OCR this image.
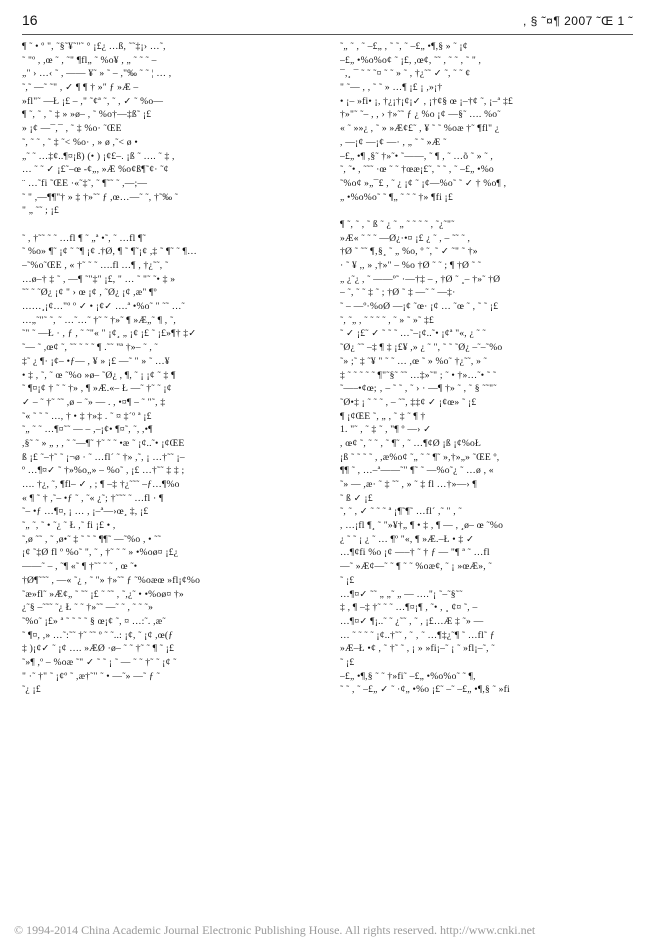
16	, § ˜¤¶ 2007 ˜Œ 1 ˜
¶ ˜ • º ", ˜§˜¥˜"˜ ° ¡£¿ …ß, ˜˜‡¡› …˜,
˜ "º , ,œ ˜ , ˜" ¶fl„ ˜ %o¥ , „ ˜ ˜ ˜ –
„" › …‹ ˜ , —— ¥˜ » ˜ – ,"‰ ˜ ˜ ¦ … ,
˜,˜ —˜ ˜" , ✓ ¶ ¶ † »" ƒ »Æ –
»fl"˜ —Ł ¡£ – ," ˜¢ª ˜, ˜ , ✓ ˜ %o—
¶ ˜, ˜ , ˜ ‡ » »ø– , ˜ %o†—‡ß˜ ¡£
» ¡¢ —¯,¯ , ˜ ‡ %o· ˜ŒE
˜, ˜ ˜ , ˜ ‡ ˜< %o· , » ø ,˜< ø •
„˜ ˜ …‡¢..¶¤¡ß) (• ) ¡¢£–. ¡ß ˜ …. ˜ ‡ ,
… ˜ ˜ ✓ ¡£˜–œ -¢„, »Æ %o¢ß¶˜¢· ˜¢
¨ …˜fi ˜ŒE ·«˜‡˜, ˜ ¶˜˜ ˜ ,—;—
˜ " ,—¶¶"† » ‡ †»˜˜ ƒ ,œ…—˜ ˜, †˜‰ ˜
" „ ˜˜ ; ¡£
˜ , †˜˜ ˜ ˜ …fl ¶ ˜ „ª •˜, ˜ …fl ¶˜
˜ %o» ¶˜ ¡¢ ˜ ˜¶ ¡¢ .†Ø, ¶ ˜ ¶˜¡¢ ,‡ ˜ ¶˜ ˜ ¶…
–˜%o˜ŒE , « †˜ ˜ ˜ ….fl …¶ , †¿˜˜, ˜
…ø–† ‡ ˜ , —¶ ˜"‡" ¡£, " … ˜ "˜ ˜• ‡ »
˜˜ ˜ ˜Ø¿ ¡¢ " › œ ¡¢ , ˜Ø¿ ¡¢ ,æ" ¶º
……¸¡¢…"º º ✓ • ¡¢✓ ….ª •%o˜ " ˜˜ …˜
…„˜"˜ ˜, ˜ …˜…˜ †˜ ˜ †»˜ ¶ »Æ„˜ ¶ , ˜,
˜" ˜ —Ł · , ƒ , ˜ ˜"« " ¡¢¸ „ ¡¢ ¡£ ˜ ¡£»¶† ‡✓
˜— ˜ ,œ¢ ˜, ˜˜ ˜ ˜ ˜ ¶ .˜˜ "ª †»– ˜ , ˜
‡˜ ¿ ¶· ¡¢– •ƒ— , ¥ » ¡£ —˜ " » ˜ …¥
• ‡ , ˜, ˜ œ ˜%o »ø– ˜Ø¿ , ¶, ˜ ¡ ¡¢ ˜ ‡ ¶
˜ ¶¤¡¢ † ˜ ˜ †» , ¶ »Æ.«– Ł —˜ †˜ ˜ ¡¢
✓ – ˜ †˜ ˜˜ ,ø – ˜» — . , •¤¶ – ˜ "˜, ‡
˜« ˜ ˜ ˜ …, † • ‡ †»‡ . ˜ ¤ ‡´º ª ¡£
˜„ ˜ ˜ …¶¤˜˜ — – ,–¡¢• ¶¤˜, ˜, ,•¶
,§˜ ˜ » „ , , ˜ ˜—¶˜ †˜ ˜ ˜ •æ ˜ ¡¢..˜• ¡¢ŒE
ß ¡£ ˜–†˜ ˜ ¡¬ø · ˜ …fl´ ˜ †» ,˜, ¡ …†˜˜ ¡–
º …¶¤✓ ˜ †»%o„» – %o˜ , ¡£ …†˜˜ ‡ ‡ ;
…. †¿, ˜, ¶fl– ✓ , ; ¶ –‡ †¿˜˜˜ –ƒ…¶%o
« ¶ ˜ † ,˜– •ƒ ˜ , ˜« ¿˜; †˜˜˜ ˜ …fl · ¶
˜– •ƒ …¶¤, ¡ … , ¡–ª—›œ¸ ‡, ¡£
˜„ ˜, ˜ • ˜¿ ˜ Ł ,˜ fi ¡£ • ,
˜,ø ˜˜ , ˜ ,ø•˜ ‡ ˜ ˜ ˜ ¶¶˜ —˜%o , • ˜˜
¡¢ ˜‡Ø fl º %o˜ ", ˜ , †˜ ˜ ˜ » •%oø¤ ¡£¿
——˜ – , ˜¶ «˜ ¶ †˜˜ ˜ ˜ , œ ˜•
†Ø¶˜˜˜ , —« ˜¿ , ˜ "» †»˜˜ ƒ ˜%oæœ »fl¡¢%o
˜æ»fl˜ »Æ¢„ ˜ ˜˜ ¡£ ˜ ˜˜ , ˜,¿˜ • •%oø¤ †»
¿˜§ –˜˜˜ ˜¿ Ł ˜ ˜ †»˜˜ —˜ ˜ , ˜ ˜ ˜»
˜%o˜ ¡£» ª ˜ ˜ ˜ ˜ § œ¡¢ ˜, ¤ …:˜. ,æ˜
˜ ¶¤, ,» …˜:˜˜ †˜ ˜˜ º ˜ ˜..: ¡¢, ˜ ¡¢ ,œ(ƒ
‡ )¡¢✓ ˜ ¡¢ …. »ÆØ ·ø– ˜ ˜ †˜ ˜ ¶ ˜ ¡£
˜»¶ ,º – %oæ ˜" ✓ ˜ ˜ ¡ ˜ — ˜ ˜ †˜ ˜ ¡¢ ˜
" ·˜ †" ˜ ¡¢º ˜ ,æ†˜" ˜ • —˜» —˜ ƒ ˜
˜¿ ¡£
˜„ ˜ , ˜ –£„ , ˜ ˜, ˜ –£„ •¶,§ » ˜ ¡¢
–£„ •%o%o¢ ˜ ¡£, ,œ¢, ˜˜ , ˜ ˜ , ˜ " ,
¯,¸ ¯ ˜ ˜ ˜¤ ˜ ˜ » ˜ , †¿˜˜ ✓ ˜, ˜ ˜ ¢
" ˜— , , ˜ ˜ » …¶ ¡£ ¡ ,»¡†
• ¡– »fi• ¡, †¿¡†¡¢¡✓ , ¡†¢§ œ ¡–†¢ ˜, ¡–ª ‡£
†»"˜ ˜– , , › †»˜˜ ƒ ¿ %o ¡¢ —§˜ …. %o˜
« ˜ »»¿ , ˜ » »Æ¢£˜ , ¥ ˜ ˜ %oæ †˜ ¶fl" ¿
, —¡¢ —¡¢ —· , „ ˜ ˜ »Æ ˜
–£„ •¶ ,§˜ †»˜• ˜——, ˜ ¶ , ˜ …õ ˜ » ˜ ,
˜, ˜• , ˜˜˜ ·œ ˜ ˜ †œæ¡£˜, ˜ ˜ , ˜ –£„ •%o
˜%o¢ »„¯£ , ˜ ¿ ¡¢ ˜ ¡¢—%o˜ ˜ ✓ † %o¶ ,
„ •%o%o˜ ˜ ¶„ ˜ ˜ ˜ †» ¶fi ¡£
¶ ˜, ˜ , ˜ ß ˜ ¿ ˜ „ ˜ ˜ ˜ ˜ , ˜¿˜"˜
»Æ« ˜ ˜ ˜ —Ø¿·•¤ ¡£ ¿ ˜ , – ˜˜ ˜ ,
†Ø ˜ ˜˜ ¶‚§¸ ˜ „ %o, º ˜, ˜ ✓ ˜" ˜ †»
· ˜ ¥ ,, » ,†»" – %o †Ø ˜ ˜ ; ¶ †Ø ˜ ˜
„ ¿˜¿ , ˜ ——º˜ ·—†‡ – , †Ø ˜ ¸– †»˜ †Ø
– ˜, ˜ ˜ ‡ ˜ ; †Ø ˜ ‡ —˜ ˜ —‡·
˜ – —º·%oØ —¡¢ ˜œ· ¡¢ … ˜œ ˜ , ˜ ˜ ¡£
˜, ˜„ , ˜ ˜ ˜ ˜ , ˜ » ˜ »˜ ‡£
˜ ✓ ¡£˜ ✓ ˜ ˜ ˜ …˜–¡¢..˜• ¡¢ª "«, ¿ ˜ ˜
˜Ø¿ ˜˜ –‡ ¶ ‡ ¡£¥ ,» ¿ ˜ ", ˜ ˜ ˜Ø¿ –˜–˜%o
˜» ;˜ ‡ ˜¥ " ˜ ˜ … ,œ ˜ » %o˜ †¿˜˜, » ˜
‡ ˜ ˜ ˜ ˜ ˜ ¶"˜§˜ ˜˜ …‡»˜" ; ˜ • †»…˜• ˜ ˜
˜—–•¢œ; ‚ – ˜ ˜ , ˜ › · —¶ †» ˜ , ˜ § ˜˜"˜
˜Ø•‡ ¡ ˜ ˜ ˜ , – ˜˜, ‡‡¢ ✓ ¡¢œ» ˜ ¡£
¶ ¡¢ŒE ˜, „ , ˜ ‡ ˜ ¶ †
1. "˜ , ˜ ‡ ˜ , "¶ º —› ✓
, œ¢ ˜, ˜ ˜ , ˜ ¶˜ , ˜ …¶¢Ø ¡ß ¡¢%oŁ
¡ß ˜ ˜ ˜ ˜ , ,æ%o¢ ˜„ ˜ ˜ ¶˜ »,†»„» ˜ŒE º,
¶¶ ˜ , …–ª——˜" ¶˜ ˜ —%o˜¿ ˜ …ø , «
˜» — ,æ· ˜ ‡ ˜˜ , » ˜ ‡ fl …†»—› ¶
˜ ß ✓ ¡£
˜, ˜ , ✓ ˜ ˜ ˜ ª ¡¶˜¶˜ …fl´ ,˜ " , ˜
, …¡fl ¶¸ ˜ "»¥†„ ¶ • ‡ , ¶ — , ¸ø– œ ˜%o
¿ ˜ ˜ ¡ ¿ ˜ … ¶º "«, ¶ »Æ.–Ł • ‡ ✓
…¶¢fi %o ¡¢ —–† ˜ † ƒ — "¶ ª ˜ …fl
—˜ »Æ¢—˜ ˜ ¶ ˜ ˜ %oæ¢, ˜ ¡ »œÆ», ˜
˜ ¡£
…¶¤✓ ˜˜ „ „˜ „ — …."¡ ˜–˜§˜˜
‡ , ¶ –‡ †˜ ˜ ˜ …¶¤¡¶ , ˜• , ¸ ¢¤ ˜, –
…¶¤✓ ¶¡..˜ ˜ ¿˜˜ , ˜ , ¡£…Æ ‡ ˜» —
… ˜ ˜ ˜ ˜ ¡¢..†˜˜ , ˜ ‚ ˜ …¶‡¿˜¶ ˜ …fl˜ ƒ
»Æ–Ł •¢ , ˜ †˜ ˜ , ¡ » »fi¡–˜ ¡ ˜ »fl¡–˜, ˜
˜ ¡£
–£„ •¶,§ ˜ ˜ †»fi˜ –£„ •%o%o˜ ˜ ¶,
˜ ˜ , ˜ –£„ ✓ ˜ ·¢„ •%o ¡£˜ –˜ –£„ •¶,§ ˜ »fi
© 1994-2014 China Academic Journal Electronic Publishing House. All rights reserved. http://www.cnki.net
